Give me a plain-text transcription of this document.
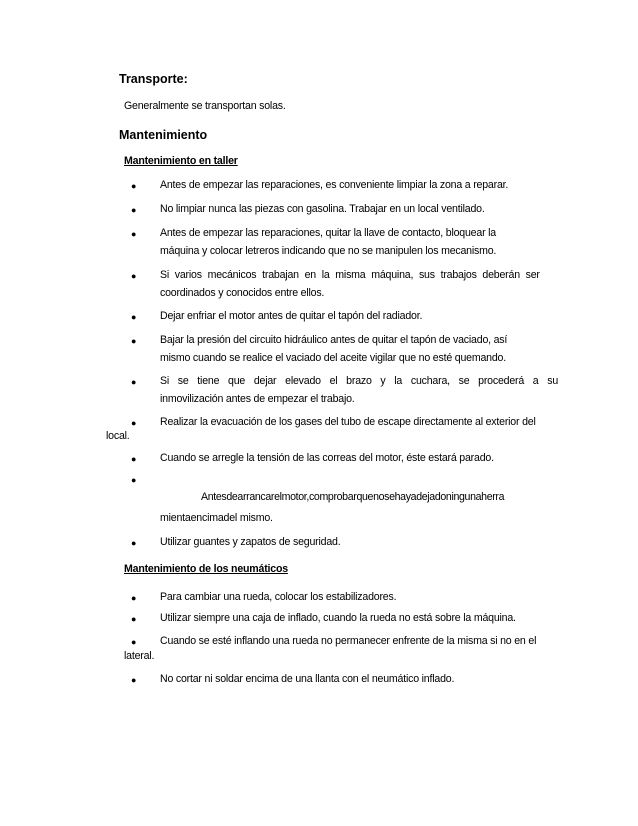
Transporte:
Generalmente se transportan solas.
Mantenimiento
Mantenimiento en taller
● Antes de empezar las reparaciones, es conveniente limpiar la zona a reparar.
● No limpiar nunca las piezas con gasolina. Trabajar en un local ventilado.
● Antes de empezar las reparaciones, quitar la llave de contacto, bloquear la
máquina y colocar letreros indicando que no se manipulen los mecanismo.
● Si varios mecánicos trabajan en la misma máquina, sus trabajos deberán ser
coordinados y conocidos entre ellos.
● Dejar enfriar el motor antes de quitar el tapón del radiador.
● Bajar la presión del circuito hidráulico antes de quitar el tapón de vaciado, así
mismo cuando se realice el vaciado del aceite vigilar que no esté quemando.
● Si se tiene que dejar elevado el brazo y la cuchara, se procederá a su
inmovilización antes de empezar el trabajo.
● Realizar la evacuación de los gases del tubo de escape directamente al exterior del
local.
● Cuando se arregle la tensión de las correas del motor, éste estará parado.
●
Antesdearrancarelmotor,comprobarquenosehayadejadoningunaherra
mientaencimadel mismo.
● Utilizar guantes y zapatos de seguridad.
Mantenimiento de los neumáticos
● Para cambiar una rueda, colocar los estabilizadores.
● Utilizar siempre una caja de inflado, cuando la rueda no está sobre la máquina.
● Cuando se esté inflando una rueda no permanecer enfrente de la misma si no en el
lateral.
● No cortar ni soldar encima de una llanta con el neumático inflado.
